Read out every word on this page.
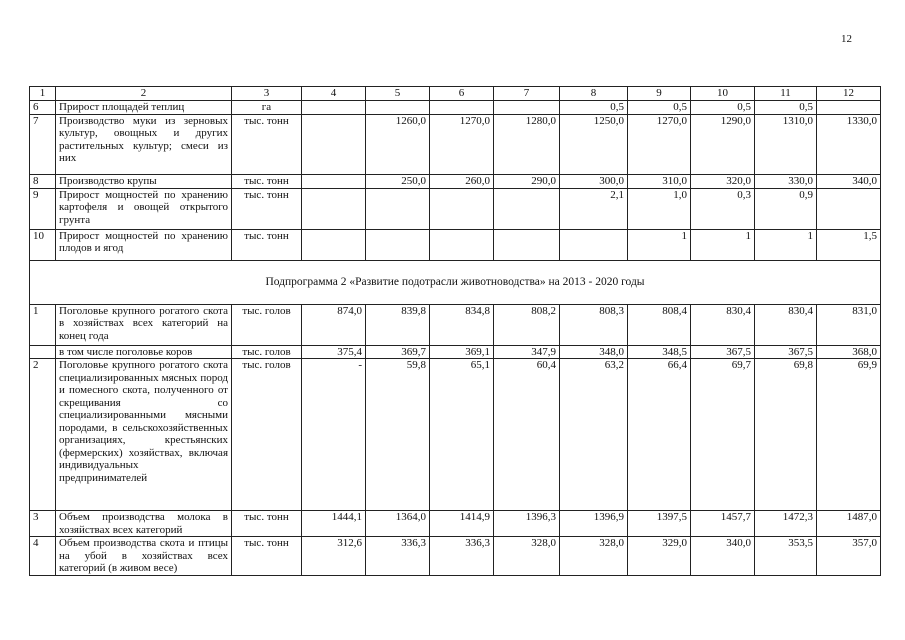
12
1	2	3	4	5	6	7	8	9	10	11	12
6	Прирост площадей теплиц	га					0,5	0,5	0,5	0,5	
7	Производство муки из зерновых культур, овощных и других растительных культур; смеси из них	тыс. тонн		1260,0	1270,0	1280,0	1250,0	1270,0	1290,0	1310,0	1330,0
8	Производство крупы	тыс. тонн		250,0	260,0	290,0	300,0	310,0	320,0	330,0	340,0
9	Прирост мощностей по хранению картофеля и овощей открытого грунта	тыс. тонн					2,1	1,0	0,3	0,9	
10	Прирост мощностей по хранению плодов и ягод	тыс. тонн						1	1	1	1,5
Подпрограмма 2 «Развитие подотрасли животноводства» на 2013 - 2020 годы											
1	Поголовье крупного рогатого скота в хозяйствах всех категорий на конец года	тыс. голов	874,0	839,8	834,8	808,2	808,3	808,4	830,4	830,4	831,0
	в том числе поголовье коров	тыс. голов	375,4	369,7	369,1	347,9	348,0	348,5	367,5	367,5	368,0
2	Поголовье крупного рогатого скота специализированных мясных пород и помесного скота, полученного от скрещивания со специализированными мясными породами, в сельскохозяйственных организациях, крестьянских (фермерских) хозяйствах, включая индивидуальных предпринимателей	тыс. голов	-	59,8	65,1	60,4	63,2	66,4	69,7	69,8	69,9
3	Объем производства молока в хозяйствах всех категорий	тыс. тонн	1444,1	1364,0	1414,9	1396,3	1396,9	1397,5	1457,7	1472,3	1487,0
4	Объем производства скота и птицы на убой в хозяйствах всех категорий (в живом весе)	тыс. тонн	312,6	336,3	336,3	328,0	328,0	329,0	340,0	353,5	357,0
